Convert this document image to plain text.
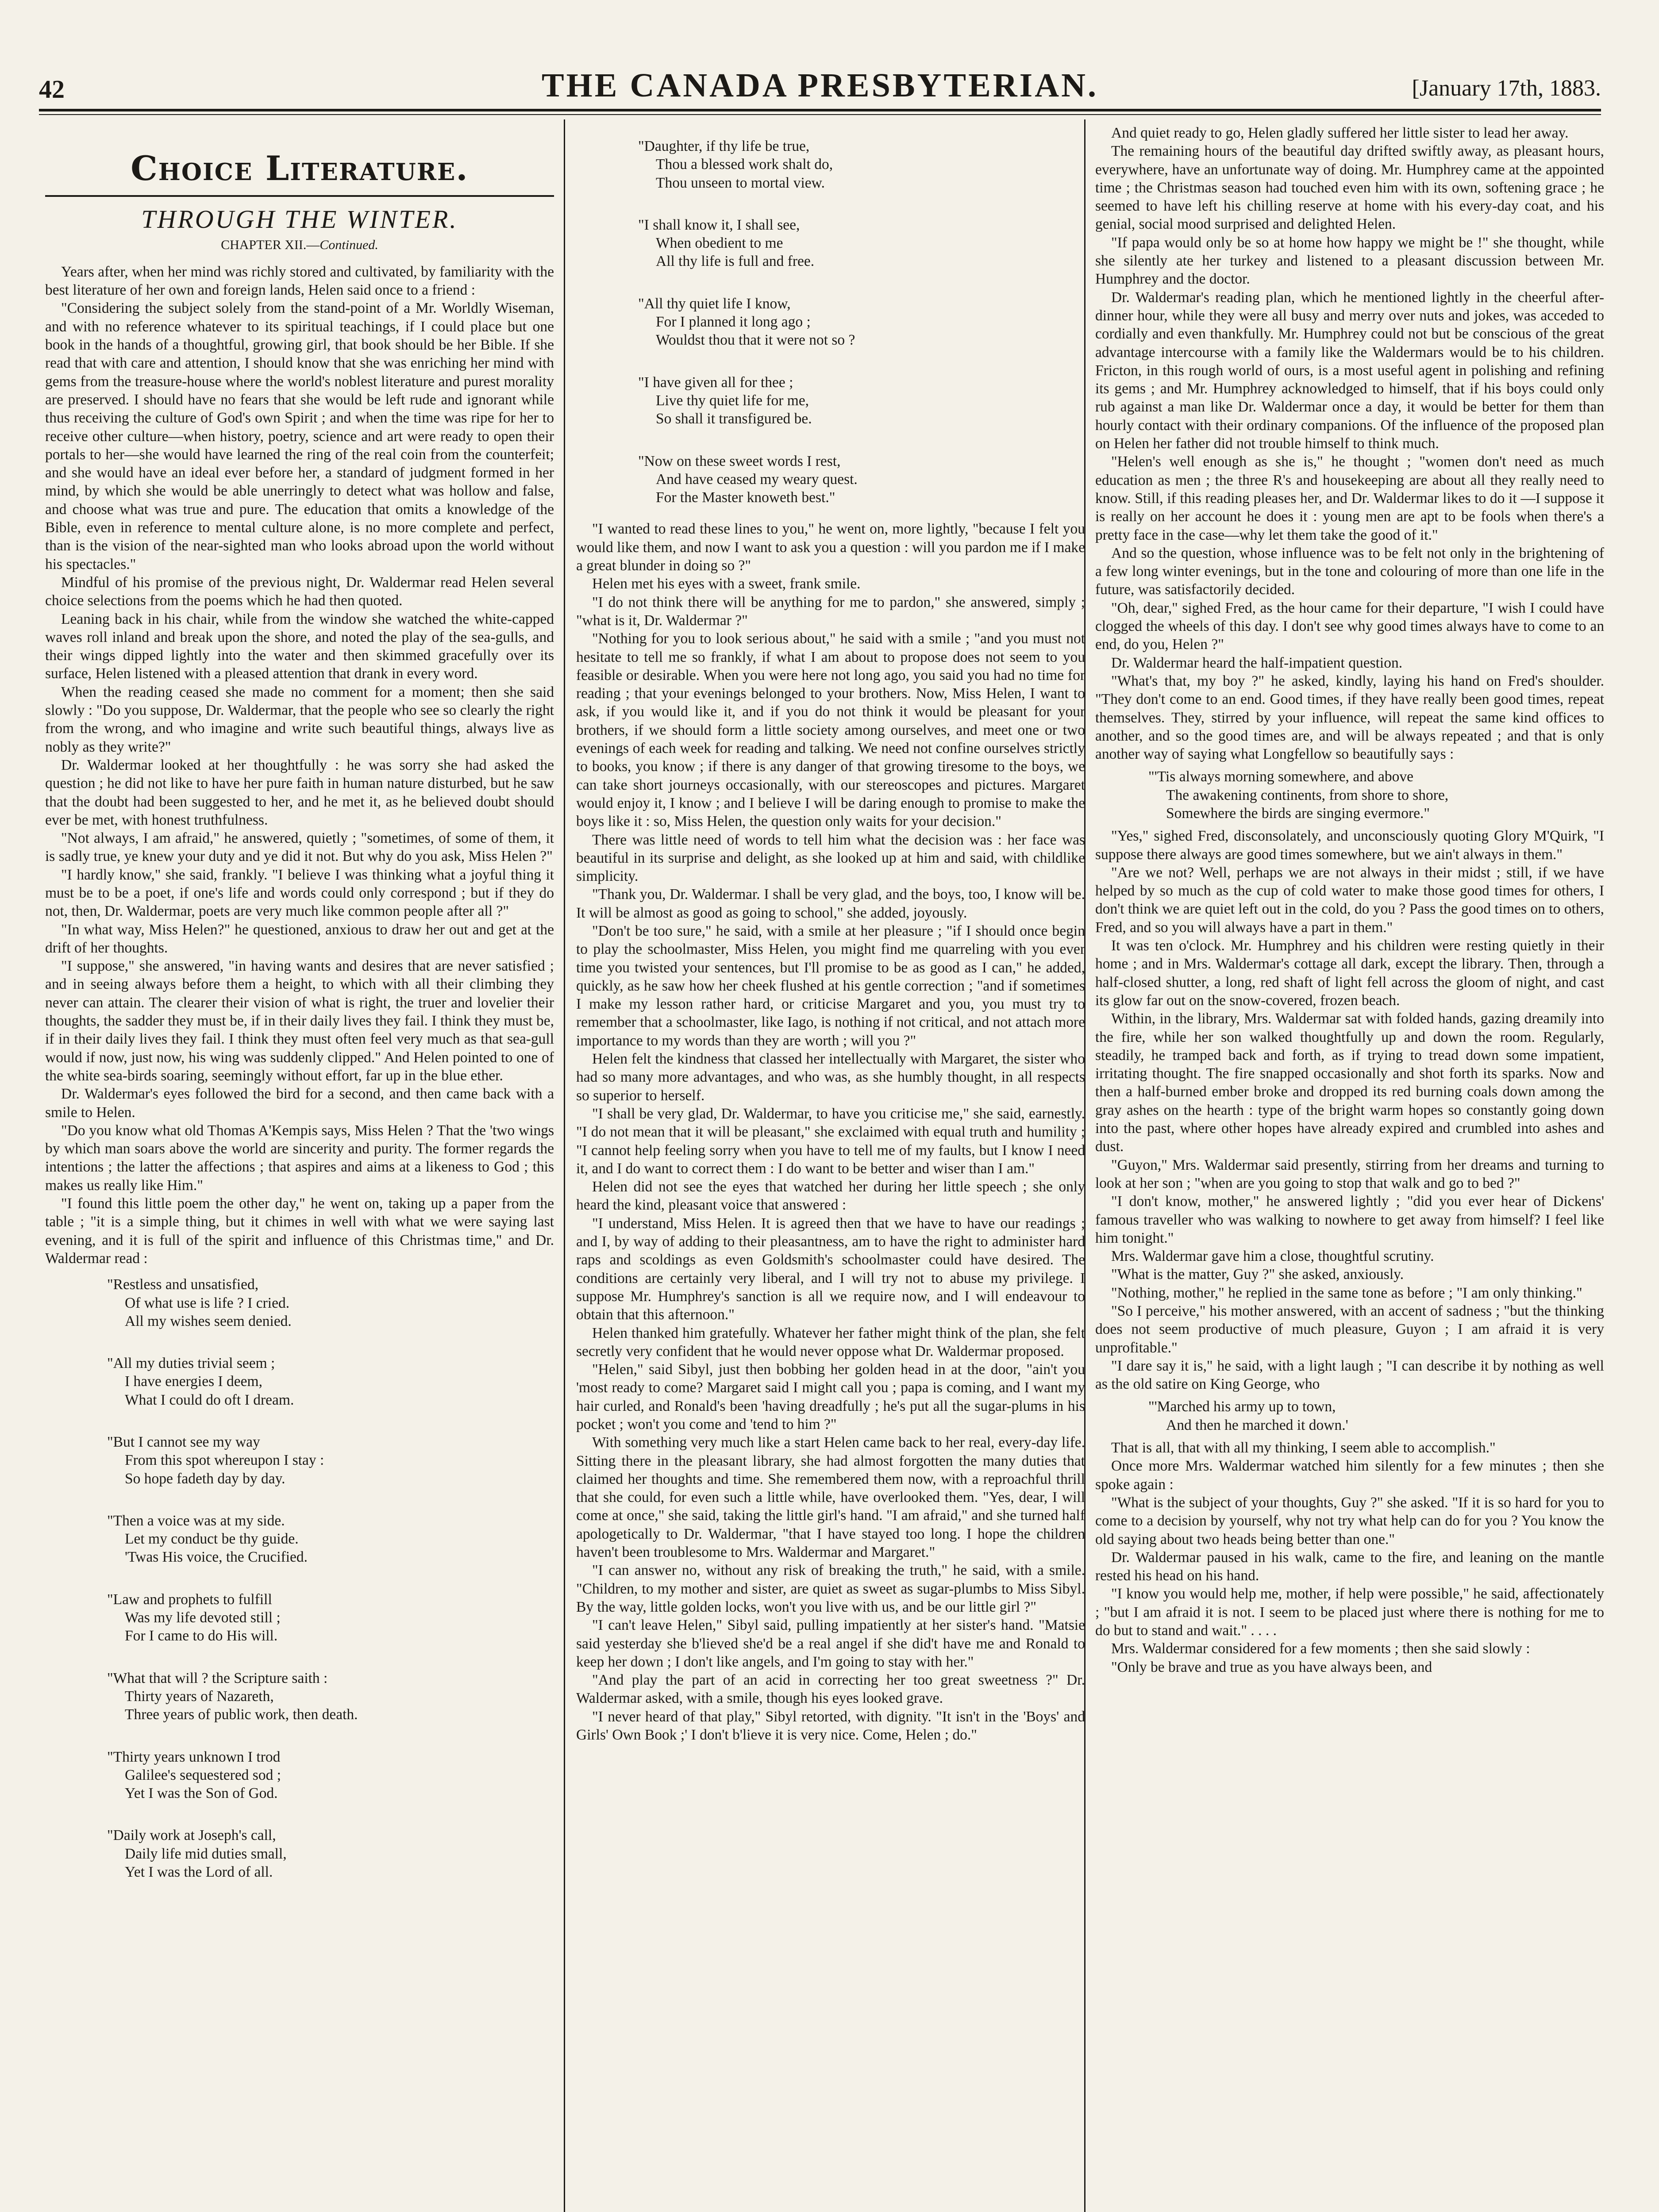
42	THE CANADA PRESBYTERIAN.	[January 17th, 1883.
Choice Literature.
THROUGH THE WINTER.
CHAPTER XII.—Continued.

Years after, when her mind was richly stored and cultivated, by familiarity with the best literature of her own and foreign lands, Helen said once to a friend :

"Considering the subject solely from the stand-point of a Mr. Worldly Wiseman, and with no reference whatever to its spiritual teachings, if I could place but one book in the hands of a thoughtful, growing girl, that book should be her Bible. If she read that with care and attention, I should know that she was enriching her mind with gems from the treasure-house where the world's noblest literature and purest morality are preserved. I should have no fears that she would be left rude and ignorant while thus receiving the culture of God's own Spirit ; and when the time was ripe for her to receive other culture—when history, poetry, science and art were ready to open their portals to her—she would have learned the ring of the real coin from the counterfeit; and she would have an ideal ever before her, a standard of judgment formed in her mind, by which she would be able unerringly to detect what was hollow and false, and choose what was true and pure. The education that omits a knowledge of the Bible, even in reference to mental culture alone, is no more complete and perfect, than is the vision of the near-sighted man who looks abroad upon the world without his spectacles."

Mindful of his promise of the previous night, Dr. Waldermar read Helen several choice selections from the poems which he had then quoted.

Leaning back in his chair, while from the window she watched the white-capped waves roll inland and break upon the shore, and noted the play of the sea-gulls, and their wings dipped lightly into the water and then skimmed gracefully over its surface, Helen listened with a pleased attention that drank in every word.

When the reading ceased she made no comment for a moment; then she said slowly : "Do you suppose, Dr. Waldermar, that the people who see so clearly the right from the wrong, and who imagine and write such beautiful things, always live as nobly as they write?"

Dr. Waldermar looked at her thoughtfully : he was sorry she had asked the question ; he did not like to have her pure faith in human nature disturbed, but he saw that the doubt had been suggested to her, and he met it, as he believed doubt should ever be met, with honest truthfulness.

"Not always, I am afraid," he answered, quietly ; "sometimes, of some of them, it is sadly true, ye knew your duty and ye did it not. But why do you ask, Miss Helen ?"

"I hardly know," she said, frankly. "I believe I was thinking what a joyful thing it must be to be a poet, if one's life and words could only correspond ; but if they do not, then, Dr. Waldermar, poets are very much like common people after all ?"

"In what way, Miss Helen?" he questioned, anxious to draw her out and get at the drift of her thoughts.

"I suppose," she answered, "in having wants and desires that are never satisfied ; and in seeing always before them a height, to which with all their climbing they never can attain. The clearer their vision of what is right, the truer and lovelier their thoughts, the sadder they must be, if in their daily lives they fail. I think they must be, if in their daily lives they fail. I think they must often feel very much as that sea-gull would if now, just now, his wing was suddenly clipped." And Helen pointed to one of the white sea-birds soaring, seemingly without effort, far up in the blue ether.

Dr. Waldermar's eyes followed the bird for a second, and then came back with a smile to Helen.

"Do you know what old Thomas A'Kempis says, Miss Helen ? That the 'two wings by which man soars above the world are sincerity and purity. The former regards the intentions ; the latter the affections ; that aspires and aims at a likeness to God ; this makes us really like Him."

"I found this little poem the other day," he went on, taking up a paper from the table ; "it is a simple thing, but it chimes in well with what we were saying last evening, and it is full of the spirit and influence of this Christmas time," and Dr. Waldermar read :

"Restless and unsatisfied,
Of what use is life ? I cried.
All my wishes seem denied.
"All my duties trivial seem ;
I have energies I deem,
What I could do oft I dream.
"But I cannot see my way
From this spot whereupon I stay :
So hope fadeth day by day.
"Then a voice was at my side.
Let my conduct be thy guide.
'Twas His voice, the Crucified.
"Law and prophets to fulfill
Was my life devoted still ;
For I came to do His will.
"What that will ? the Scripture saith :
Thirty years of Nazareth,
Three years of public work, then death.
"Thirty years unknown I trod
Galilee's sequestered sod ;
Yet I was the Son of God.
"Daily work at Joseph's call,
Daily life mid duties small,
Yet I was the Lord of all.
"Daughter, if thy life be true,
Thou a blessed work shalt do,
Thou unseen to mortal view.
"I shall know it, I shall see,
When obedient to me
All thy life is full and free.
"All thy quiet life I know,
For I planned it long ago ;
Wouldst thou that it were not so ?
"I have given all for thee ;
Live thy quiet life for me,
So shall it transfigured be.
"Now on these sweet words I rest,
And have ceased my weary quest.
For the Master knoweth best."

"I wanted to read these lines to you," he went on, more lightly, "because I felt you would like them, and now I want to ask you a question : will you pardon me if I make a great blunder in doing so ?"

Helen met his eyes with a sweet, frank smile.

"I do not think there will be anything for me to pardon," she answered, simply ; "what is it, Dr. Waldermar ?"

"Nothing for you to look serious about," he said with a smile ; "and you must not hesitate to tell me so frankly, if what I am about to propose does not seem to you feasible or desirable. When you were here not long ago, you said you had no time for reading ; that your evenings belonged to your brothers. Now, Miss Helen, I want to ask, if you would like it, and if you do not think it would be pleasant for your brothers, if we should form a little society among ourselves, and meet one or two evenings of each week for reading and talking. We need not confine ourselves strictly to books, you know ; if there is any danger of that growing tiresome to the boys, we can take short journeys occasionally, with our stereoscopes and pictures. Margaret would enjoy it, I know ; and I believe I will be daring enough to promise to make the boys like it : so, Miss Helen, the question only waits for your decision."

There was little need of words to tell him what the decision was : her face was beautiful in its surprise and delight, as she looked up at him and said, with childlike simplicity.

"Thank you, Dr. Waldermar. I shall be very glad, and the boys, too, I know will be. It will be almost as good as going to school," she added, joyously.

"Don't be too sure," he said, with a smile at her pleasure ; "if I should once begin to play the schoolmaster, Miss Helen, you might find me quarreling with you ever time you twisted your sentences, but I'll promise to be as good as I can," he added, quickly, as he saw how her cheek flushed at his gentle correction ; "and if sometimes I make my lesson rather hard, or criticise Margaret and you, you must try to remember that a schoolmaster, like Iago, is nothing if not critical, and not attach more importance to my words than they are worth ; will you ?"

Helen felt the kindness that classed her intellectually with Margaret, the sister who had so many more advantages, and who was, as she humbly thought, in all respects so superior to herself.

"I shall be very glad, Dr. Waldermar, to have you criticise me," she said, earnestly. "I do not mean that it will be pleasant," she exclaimed with equal truth and humility ; "I cannot help feeling sorry when you have to tell me of my faults, but I know I need it, and I do want to correct them : I do want to be better and wiser than I am."

Helen did not see the eyes that watched her during her little speech ; she only heard the kind, pleasant voice that answered :

"I understand, Miss Helen. It is agreed then that we have to have our readings ; and I, by way of adding to their pleasantness, am to have the right to administer hard raps and scoldings as even Goldsmith's schoolmaster could have desired. The conditions are certainly very liberal, and I will try not to abuse my privilege. I suppose Mr. Humphrey's sanction is all we require now, and I will endeavour to obtain that this afternoon."

Helen thanked him gratefully. Whatever her father might think of the plan, she felt secretly very confident that he would never oppose what Dr. Waldermar proposed.

"Helen," said Sibyl, just then bobbing her golden head in at the door, "ain't you 'most ready to come? Margaret said I might call you ; papa is coming, and I want my hair curled, and Ronald's been 'having dreadfully ; he's put all the sugar-plums in his pocket ; won't you come and 'tend to him ?"

With something very much like a start Helen came back to her real, every-day life. Sitting there in the pleasant library, she had almost forgotten the many duties that claimed her thoughts and time. She remembered them now, with a reproachful thrill that she could, for even such a little while, have overlooked them. "Yes, dear, I will come at once," she said, taking the little girl's hand. "I am afraid," and she turned half apologetically to Dr. Waldermar, "that I have stayed too long. I hope the children haven't been troublesome to Mrs. Waldermar and Margaret."

"I can answer no, without any risk of breaking the truth," he said, with a smile. "Children, to my mother and sister, are quiet as sweet as sugar-plumbs to Miss Sibyl. By the way, little golden locks, won't you live with us, and be our little girl ?"

"I can't leave Helen," Sibyl said, pulling impatiently at her sister's hand. "Matsie said yesterday she b'lieved she'd be a real angel if she did't have me and Ronald to keep her down ; I don't like angels, and I'm going to stay with her."

"And play the part of an acid in correcting her too great sweetness ?" Dr. Waldermar asked, with a smile, though his eyes looked grave.

"I never heard of that play," Sibyl retorted, with dignity. "It isn't in the 'Boys' and Girls' Own Book ;' I don't b'lieve it is very nice. Come, Helen ; do."

And quiet ready to go, Helen gladly suffered her little sister to lead her away.

The remaining hours of the beautiful day drifted swiftly away, as pleasant hours, everywhere, have an unfortunate way of doing. Mr. Humphrey came at the appointed time ; the Christmas season had touched even him with its own, softening grace ; he seemed to have left his chilling reserve at home with his every-day coat, and his genial, social mood surprised and delighted Helen.

"If papa would only be so at home how happy we might be !" she thought, while she silently ate her turkey and listened to a pleasant discussion between Mr. Humphrey and the doctor.

Dr. Waldermar's reading plan, which he mentioned lightly in the cheerful after-dinner hour, while they were all busy and merry over nuts and jokes, was acceded to cordially and even thankfully. Mr. Humphrey could not but be conscious of the great advantage intercourse with a family like the Waldermars would be to his children. Fricton, in this rough world of ours, is a most useful agent in polishing and refining its gems ; and Mr. Humphrey acknowledged to himself, that if his boys could only rub against a man like Dr. Waldermar once a day, it would be better for them than hourly contact with their ordinary companions. Of the influence of the proposed plan on Helen her father did not trouble himself to think much.

"Helen's well enough as she is," he thought ; "women don't need as much education as men ; the three R's and housekeeping are about all they really need to know. Still, if this reading pleases her, and Dr. Waldermar likes to do it —I suppose it is really on her account he does it : young men are apt to be fools when there's a pretty face in the case—why let them take the good of it."

And so the question, whose influence was to be felt not only in the brightening of a few long winter evenings, but in the tone and colouring of more than one life in the future, was satisfactorily decided.

"Oh, dear," sighed Fred, as the hour came for their departure, "I wish I could have clogged the wheels of this day. I don't see why good times always have to come to an end, do you, Helen ?"

Dr. Waldermar heard the half-impatient question.

"What's that, my boy ?" he asked, kindly, laying his hand on Fred's shoulder. "They don't come to an end. Good times, if they have really been good times, repeat themselves. They, stirred by your influence, will repeat the same kind offices to another, and so the good times are, and will be always repeated ; and that is only another way of saying what Longfellow so beautifully says :

"'Tis always morning somewhere, and above
The awakening continents, from shore to shore,
Somewhere the birds are singing evermore."

"Yes," sighed Fred, disconsolately, and unconsciously quoting Glory M'Quirk, "I suppose there always are good times somewhere, but we ain't always in them."

"Are we not? Well, perhaps we are not always in their midst ; still, if we have helped by so much as the cup of cold water to make those good times for others, I don't think we are quiet left out in the cold, do you ? Pass the good times on to others, Fred, and so you will always have a part in them."

It was ten o'clock. Mr. Humphrey and his children were resting quietly in their home ; and in Mrs. Waldermar's cottage all dark, except the library. Then, through a half-closed shutter, a long, red shaft of light fell across the gloom of night, and cast its glow far out on the snow-covered, frozen beach.

Within, in the library, Mrs. Waldermar sat with folded hands, gazing dreamily into the fire, while her son walked thoughtfully up and down the room. Regularly, steadily, he tramped back and forth, as if trying to tread down some impatient, irritating thought. The fire snapped occasionally and shot forth its sparks. Now and then a half-burned ember broke and dropped its red burning coals down among the gray ashes on the hearth : type of the bright warm hopes so constantly going down into the past, where other hopes have already expired and crumbled into ashes and dust.

"Guyon," Mrs. Waldermar said presently, stirring from her dreams and turning to look at her son ; "when are you going to stop that walk and go to bed ?"

"I don't know, mother," he answered lightly ; "did you ever hear of Dickens' famous traveller who was walking to nowhere to get away from himself? I feel like him tonight."

Mrs. Waldermar gave him a close, thoughtful scrutiny.

"What is the matter, Guy ?" she asked, anxiously.

"Nothing, mother," he replied in the same tone as before ; "I am only thinking."

"So I perceive," his mother answered, with an accent of sadness ; "but the thinking does not seem productive of much pleasure, Guyon ; I am afraid it is very unprofitable."

"I dare say it is," he said, with a light laugh ; "I can describe it by nothing as well as the old satire on King George, who

"'Marched his army up to town,
And then he marched it down.'

That is all, that with all my thinking, I seem able to accomplish."

Once more Mrs. Waldermar watched him silently for a few minutes ; then she spoke again :

"What is the subject of your thoughts, Guy ?" she asked. "If it is so hard for you to come to a decision by yourself, why not try what help can do for you ? You know the old saying about two heads being better than one."

Dr. Waldermar paused in his walk, came to the fire, and leaning on the mantle rested his head on his hand.

"I know you would help me, mother, if help were possible," he said, affectionately ; "but I am afraid it is not. I seem to be placed just where there is nothing for me to do but to stand and wait." . . . .

Mrs. Waldermar considered for a few moments ; then she said slowly :

"Only be brave and true as you have always been, and
